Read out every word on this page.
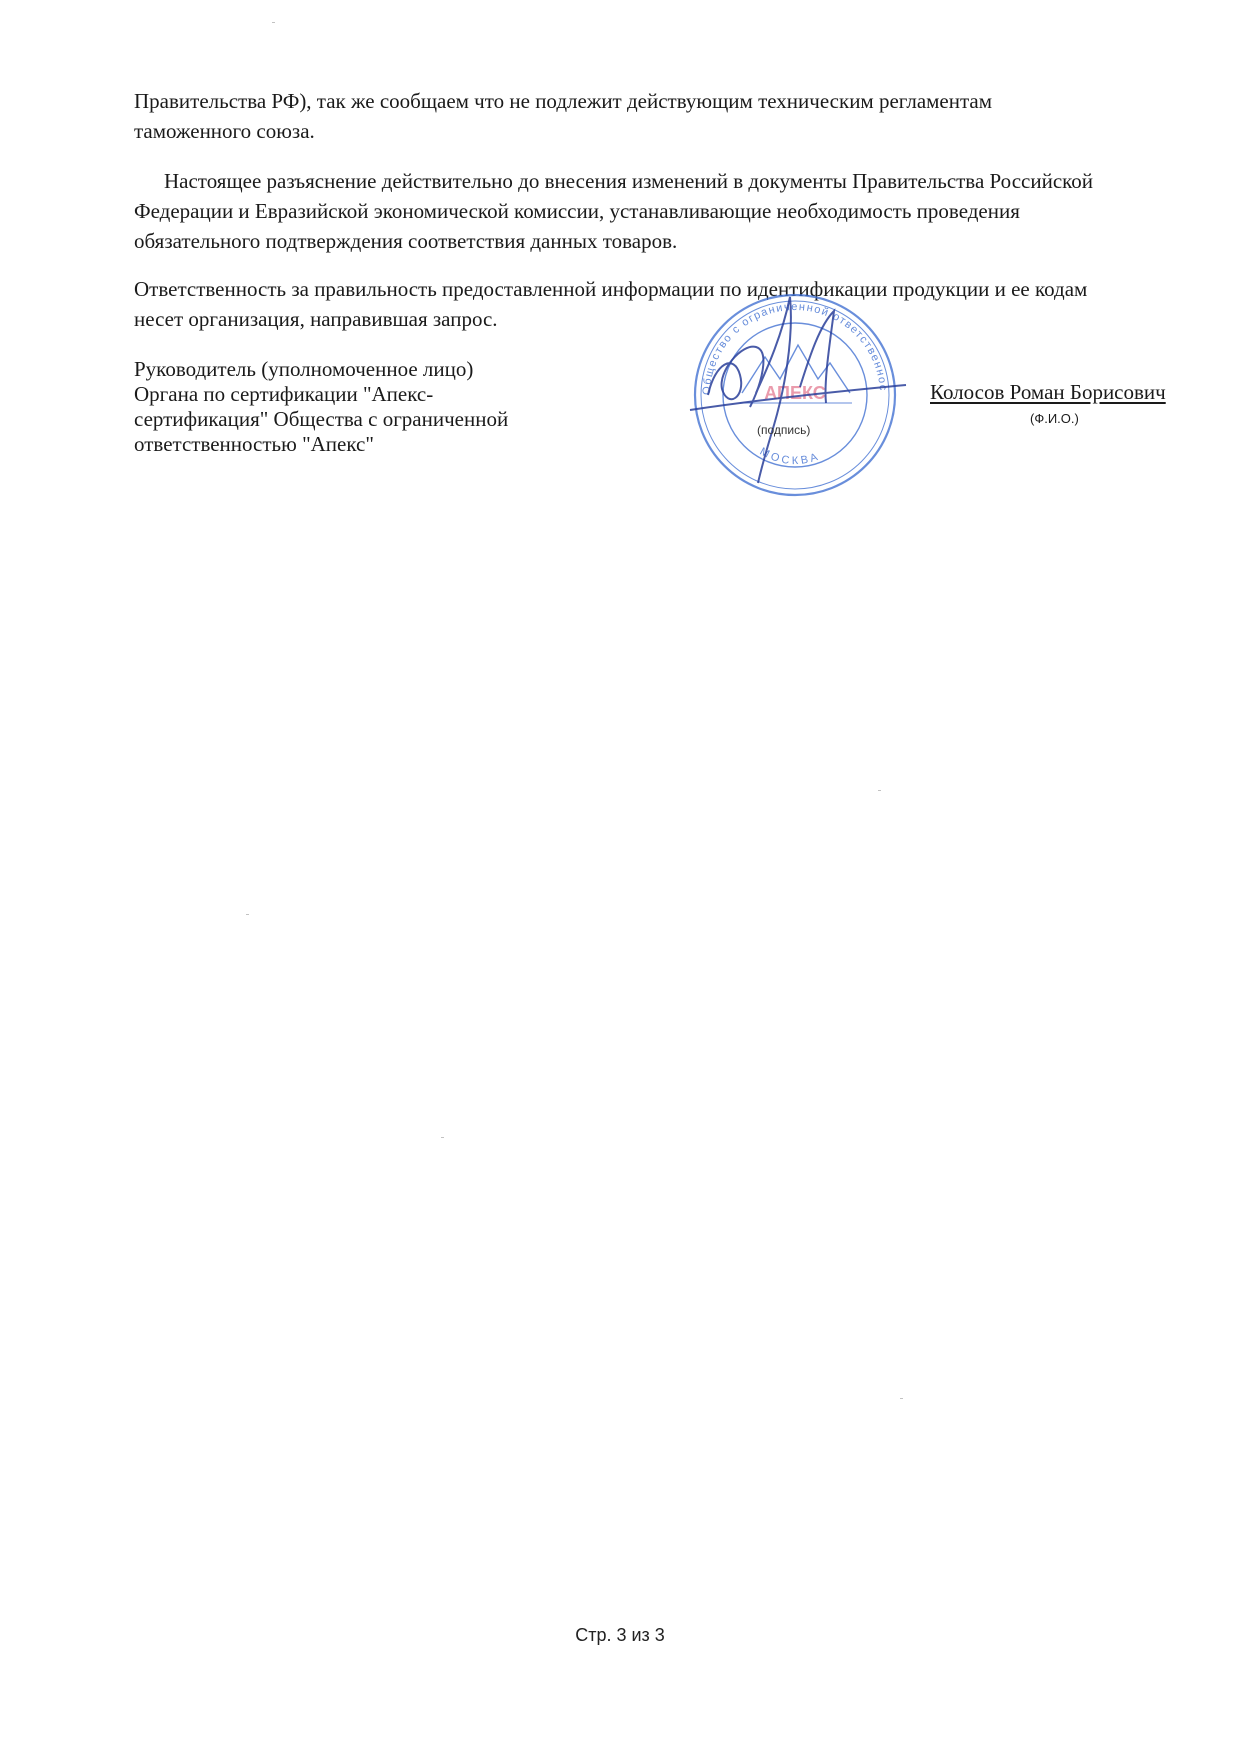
Правительства РФ), так же сообщаем что не подлежит действующим техническим регламентам
таможенного союза.

Настоящее разъяснение действительно до внесения изменений в документы Правительства Российской
Федерации и Евразийской экономической комиссии, устанавливающие необходимость проведения
обязательного подтверждения соответствия данных товаров.

Ответственность за правильность предоставленной информации по идентификации продукции и ее кодам
несет организация, направившая запрос.

Руководитель (уполномоченное лицо)
Органа по сертификации "Апекс-
сертификация" Общества с ограниченной
ответственностью "Апекс"
Общество с ограниченной ответственнос
МОСКВА
АПЕКС
(подпись)
Колосов Роман Борисович
(Ф.И.О.)
Стр. 3 из 3
